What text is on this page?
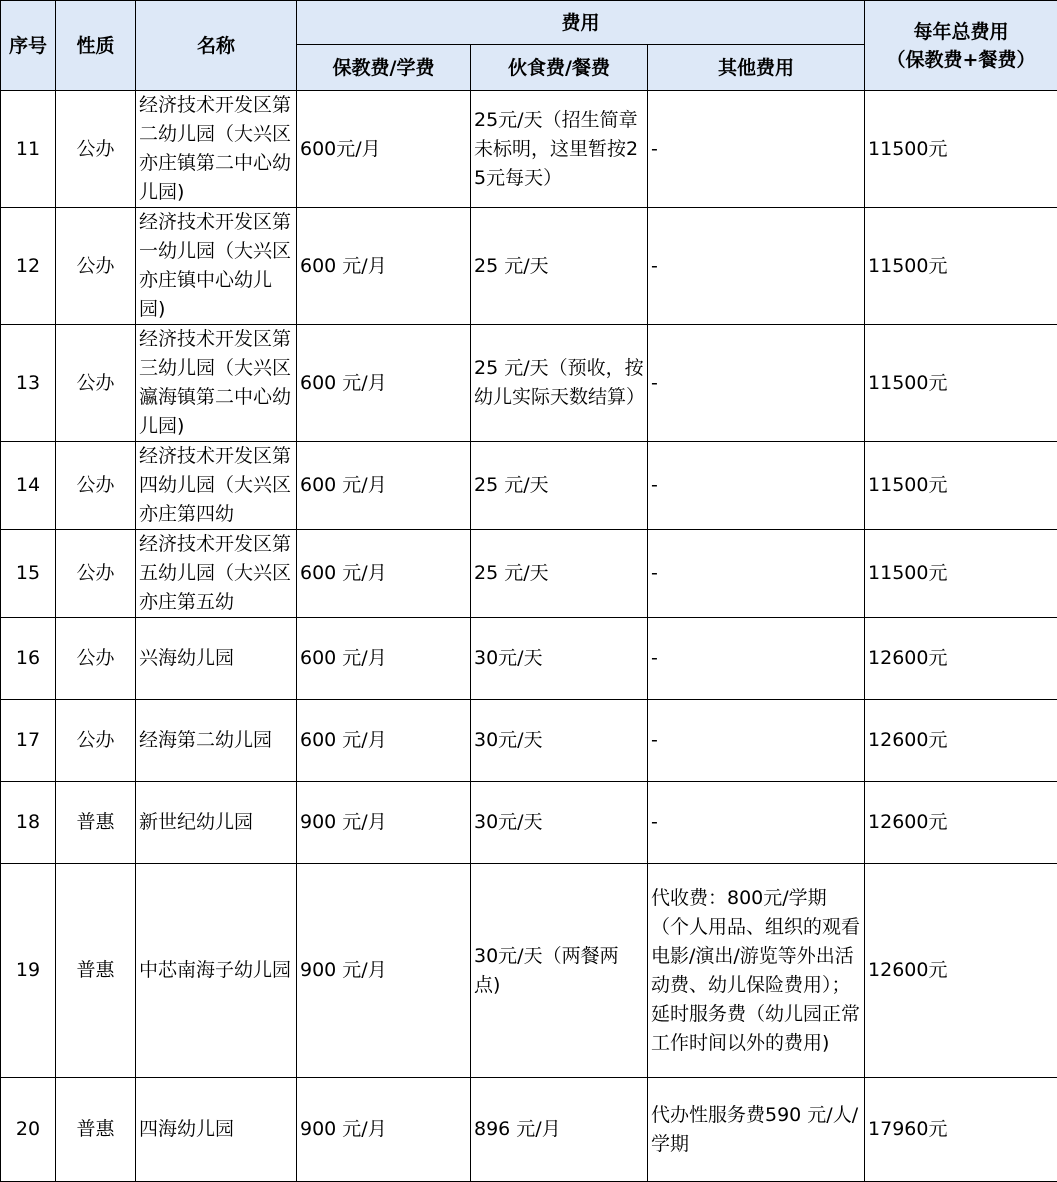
序号	性质	名称	费用			每年总费用
（保教费+餐费）

			保教费/学费	伙食费/餐费	其他费用	
11	公办	经济技术开发区第二幼儿园（大兴区亦庄镇第二中心幼儿园)	600元/月	25元/天（招生简章未标明，这里暂按25元每天）	-	11500元
12	公办	经济技术开发区第一幼儿园（大兴区亦庄镇中心幼儿园)	600 元/月	25 元/天	-	11500元
13	公办	经济技术开发区第三幼儿园（大兴区瀛海镇第二中心幼儿园)	600 元/月	25 元/天（预收，按幼儿实际天数结算）	-	11500元
14	公办	经济技术开发区第四幼儿园（大兴区亦庄第四幼	600 元/月	25 元/天	-	11500元
15	公办	经济技术开发区第五幼儿园（大兴区亦庄第五幼	600 元/月	25 元/天	-	11500元
16	公办	兴海幼儿园	600 元/月	30元/天	-	12600元
17	公办	经海第二幼儿园	600 元/月	30元/天	-	12600元
18	普惠	新世纪幼儿园	900 元/月	30元/天	-	12600元
19	普惠	中芯南海子幼儿园	900 元/月	30元/天（两餐两点)	代收费：800元/学期（个人用品、组织的观看电影/演出/游览等外出活动费、幼儿保险费用）；延时服务费（幼儿园正常工作时间以外的费用)	12600元
20	普惠	四海幼儿园	900 元/月	896 元/月	代办性服务费590 元/人/学期	17960元
